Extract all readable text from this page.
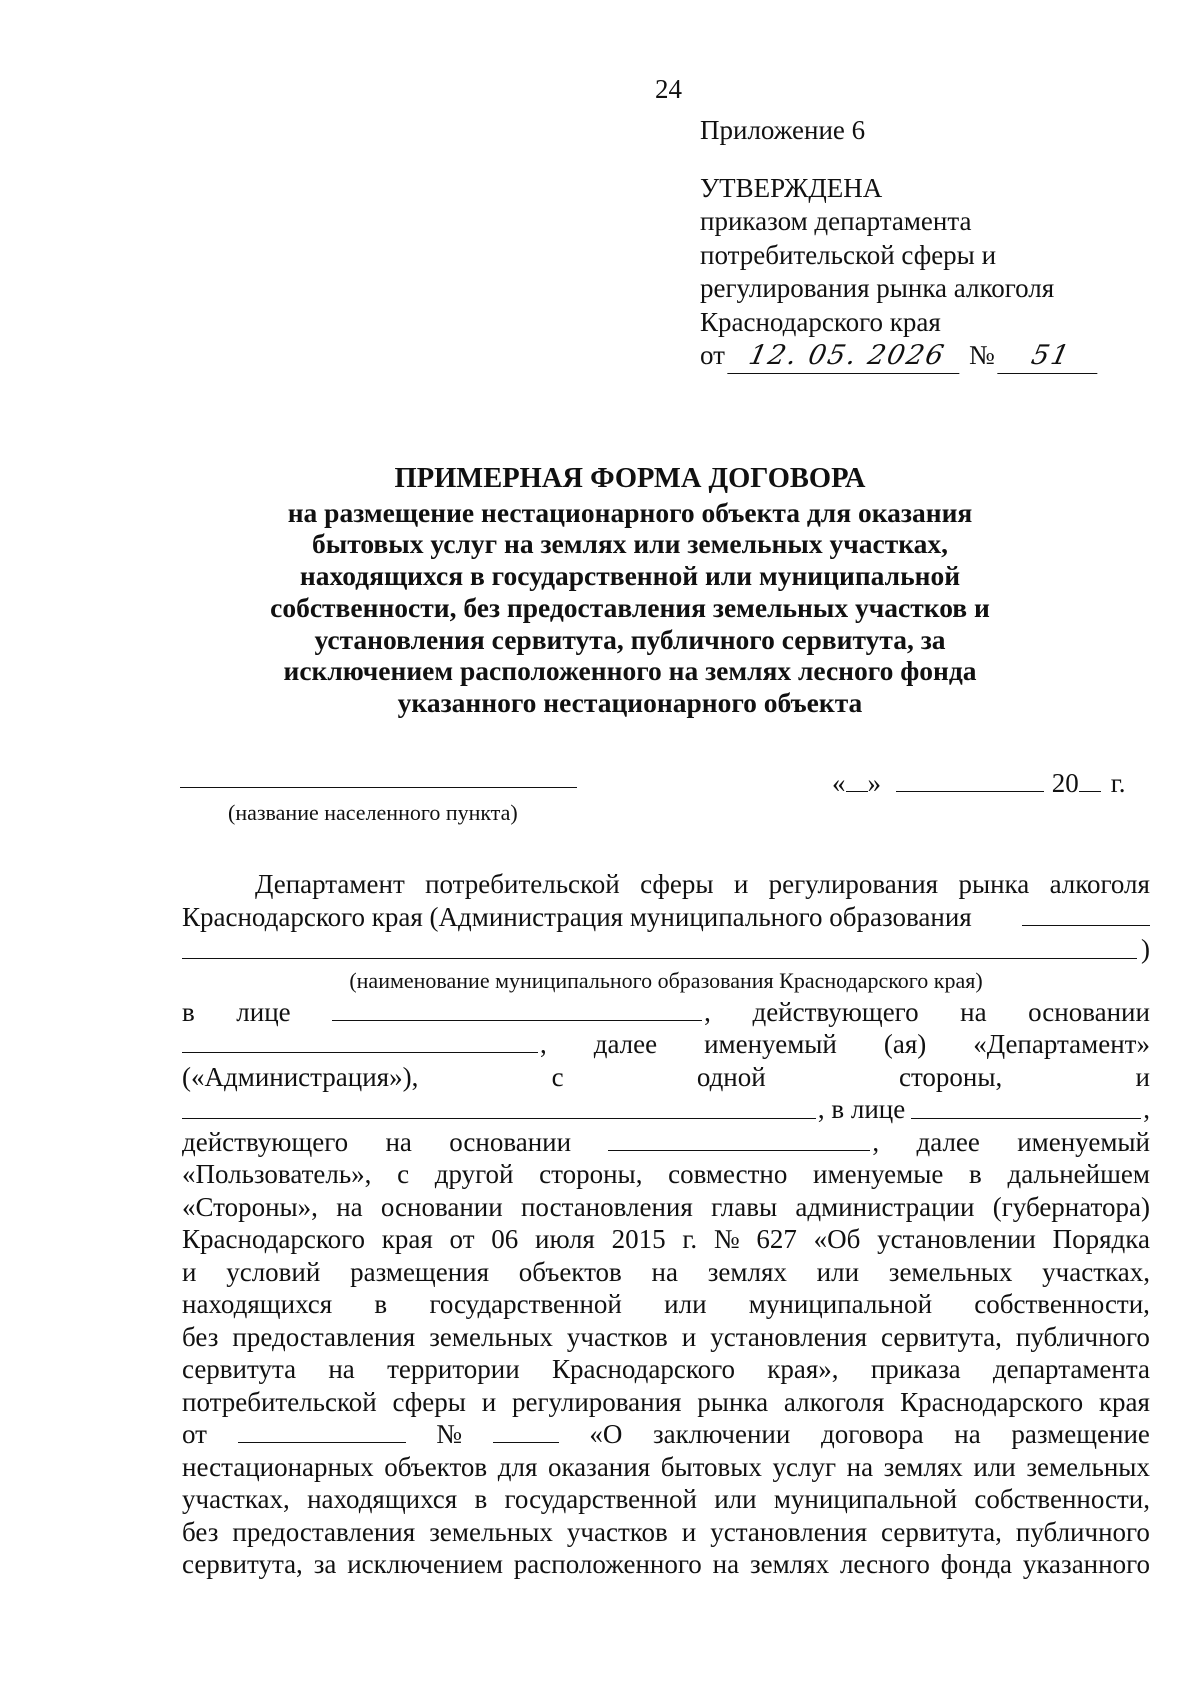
24
Приложение 6
УТВЕРЖДЕНА
приказом департамента
потребительской сферы и
регулирования рынка алкоголя
Краснодарского края
от 12. 05. 2026 № 51
ПРИМЕРНАЯ ФОРМА ДОГОВОРА
на размещение нестационарного объекта для оказания
бытовых услуг на землях или земельных участках,
находящихся в государственной или муниципальной
собственности, без предоставления земельных участков и
установления сервитута, публичного сервитута, за
исключением расположенного на землях лесного фонда
указанного нестационарного объекта
(название населенного пункта)
« »	20 г.
Департамент потребительской сферы и регулирования рынка алкоголя
Краснодарского края (Администрация муниципального образования
)
(наименование муниципального образования Краснодарского края)
в лице	, действующего на основании
, далее именуемый (ая) «Департамент»
(«Администрация»),	с	одной	стороны,	и
, в лице	,
действующего на основании	, далее именуемый
«Пользователь», с другой стороны, совместно именуемые в дальнейшем
«Стороны», на основании постановления главы администрации (губернатора)
Краснодарского края от 06 июля 2015 г. № 627 «Об установлении Порядка
и условий размещения объектов на землях или земельных участках,
находящихся в государственной или муниципальной собственности,
без предоставления земельных участков и установления сервитута, публичного
сервитута на территории Краснодарского края», приказа департамента
потребительской сферы и регулирования рынка алкоголя Краснодарского края
от	№	«О заключении договора на размещение
нестационарных объектов для оказания бытовых услуг на землях или земельных
участках, находящихся в государственной или муниципальной собственности,
без предоставления земельных участков и установления сервитута, публичного
сервитута, за исключением расположенного на землях лесного фонда указанного
